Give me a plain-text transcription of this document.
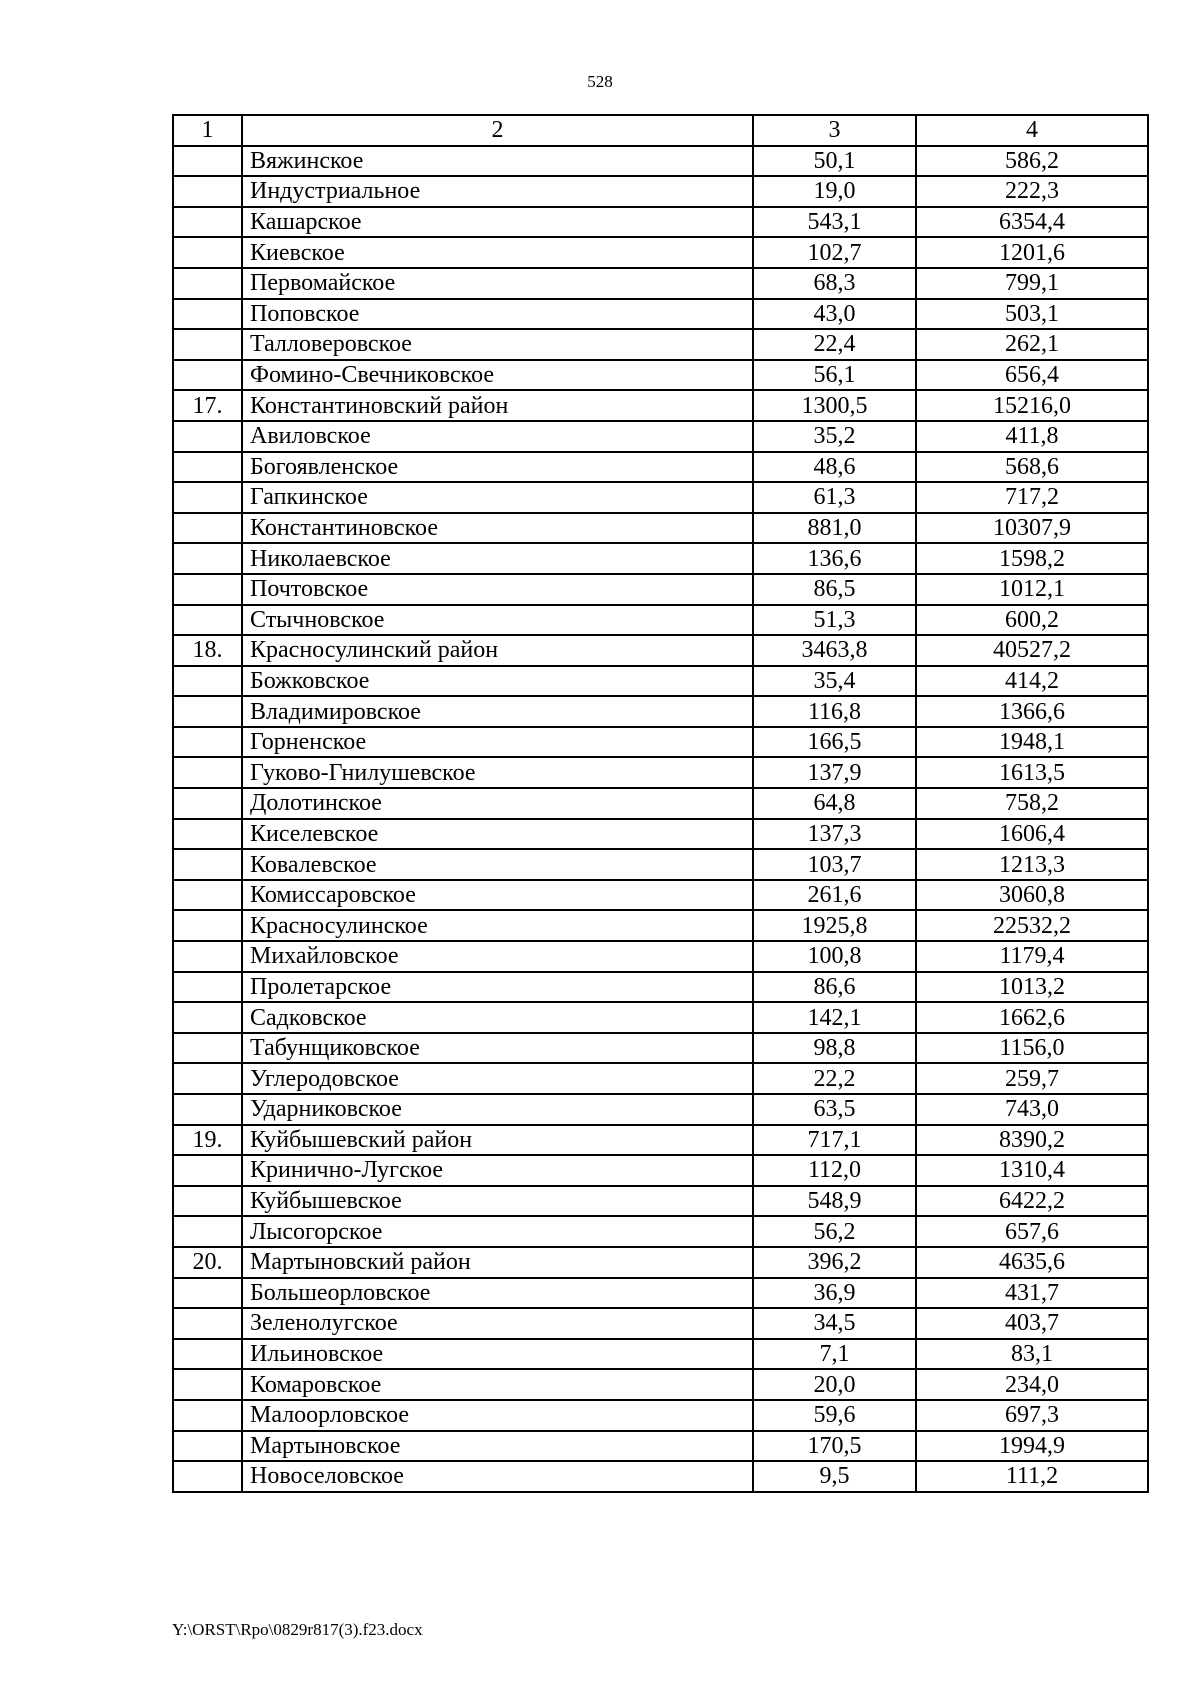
528
1	2	3	4
	Вяжинское	50,1	586,2
	Индустриальное	19,0	222,3
	Кашарское	543,1	6354,4
	Киевское	102,7	1201,6
	Первомайское	68,3	799,1
	Поповское	43,0	503,1
	Талловеровское	22,4	262,1
	Фомино-Свечниковское	56,1	656,4
17.	Константиновский район	1300,5	15216,0
	Авиловское	35,2	411,8
	Богоявленское	48,6	568,6
	Гапкинское	61,3	717,2
	Константиновское	881,0	10307,9
	Николаевское	136,6	1598,2
	Почтовское	86,5	1012,1
	Стычновское	51,3	600,2
18.	Красносулинский район	3463,8	40527,2
	Божковское	35,4	414,2
	Владимировское	116,8	1366,6
	Горненское	166,5	1948,1
	Гуково-Гнилушевское	137,9	1613,5
	Долотинское	64,8	758,2
	Киселевское	137,3	1606,4
	Ковалевское	103,7	1213,3
	Комиссаровское	261,6	3060,8
	Красносулинское	1925,8	22532,2
	Михайловское	100,8	1179,4
	Пролетарское	86,6	1013,2
	Садковское	142,1	1662,6
	Табунщиковское	98,8	1156,0
	Углеродовское	22,2	259,7
	Ударниковское	63,5	743,0
19.	Куйбышевский район	717,1	8390,2
	Кринично-Лугское	112,0	1310,4
	Куйбышевское	548,9	6422,2
	Лысогорское	56,2	657,6
20.	Мартыновский район	396,2	4635,6
	Большеорловское	36,9	431,7
	Зеленолугское	34,5	403,7
	Ильиновское	7,1	83,1
	Комаровское	20,0	234,0
	Малоорловское	59,6	697,3
	Мартыновское	170,5	1994,9
	Новоселовское	9,5	111,2
Y:\ORST\Rpo\0829r817(3).f23.docx
